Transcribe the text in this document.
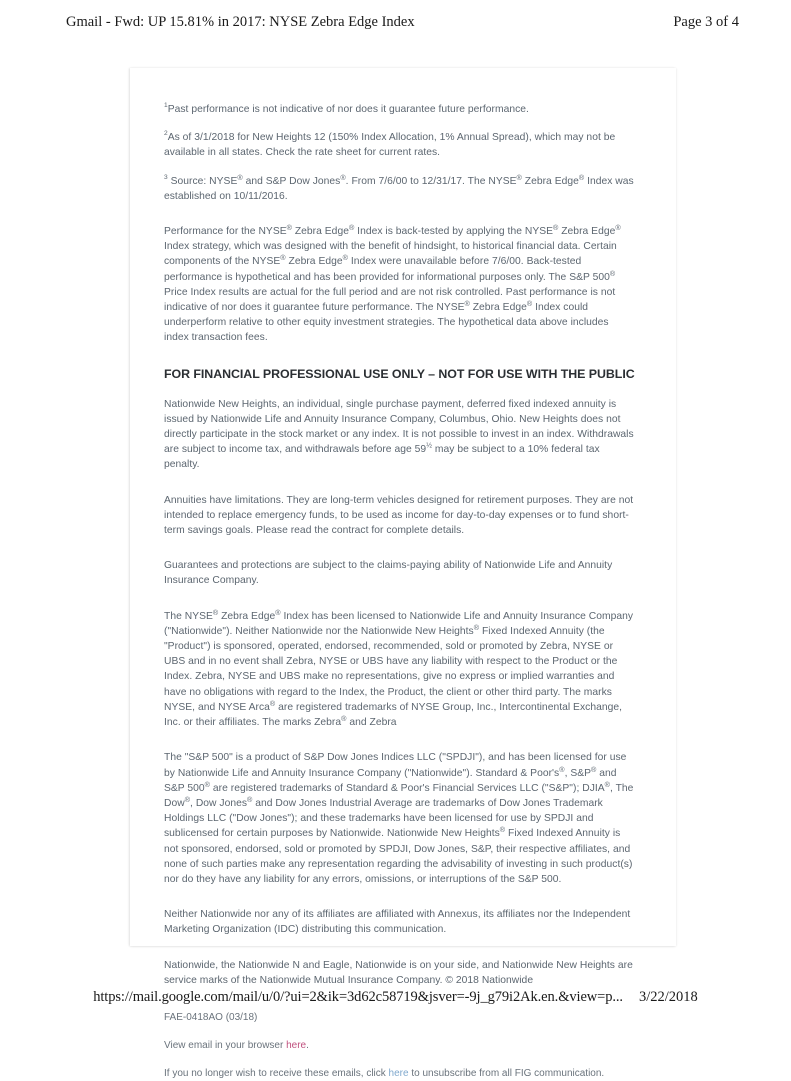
Gmail - Fwd: UP 15.81% in 2017: NYSE Zebra Edge Index	Page 3 of 4

$^1$Past performance is not indicative of nor does it guarantee future performance.

$^2$As of 3/1/2018 for New Heights 12 (150% Index Allocation, 1% Annual Spread), which may not be available in all states. Check the rate sheet for current rates.

$^3$ Source: NYSE® and S&P Dow Jones®. From 7/6/00 to 12/31/17. The NYSE® Zebra Edge® Index was established on 10/11/2016.

Performance for the NYSE® Zebra Edge® Index is back-tested by applying the NYSE® Zebra Edge® Index strategy, which was designed with the benefit of hindsight, to historical financial data. Certain components of the NYSE® Zebra Edge® Index were unavailable before 7/6/00. Back-tested performance is hypothetical and has been provided for informational purposes only. The S&P 500® Price Index results are actual for the full period and are not risk controlled. Past performance is not indicative of nor does it guarantee future performance. The NYSE® Zebra Edge® Index could underperform relative to other equity investment strategies. The hypothetical data above includes index transaction fees.

FOR FINANCIAL PROFESSIONAL USE ONLY – NOT FOR USE WITH THE PUBLIC

Nationwide New Heights, an individual, single purchase payment, deferred fixed indexed annuity is issued by Nationwide Life and Annuity Insurance Company, Columbus, Ohio. New Heights does not directly participate in the stock market or any index. It is not possible to invest in an index. Withdrawals are subject to income tax, and withdrawals before age $59^{\frac{1}{2}}$ may be subject to a 10% federal tax penalty.

Annuities have limitations. They are long-term vehicles designed for retirement purposes. They are not intended to replace emergency funds, to be used as income for day-to-day expenses or to fund short-term savings goals. Please read the contract for complete details.

Guarantees and protections are subject to the claims-paying ability of Nationwide Life and Annuity Insurance Company.

The NYSE® Zebra Edge® Index has been licensed to Nationwide Life and Annuity Insurance Company ("Nationwide"). Neither Nationwide nor the Nationwide New Heights® Fixed Indexed Annuity (the "Product") is sponsored, operated, endorsed, recommended, sold or promoted by Zebra, NYSE or UBS and in no event shall Zebra, NYSE or UBS have any liability with respect to the Product or the Index. Zebra, NYSE and UBS make no representations, give no express or implied warranties and have no obligations with regard to the Index, the Product, the client or other third party. The marks NYSE, and NYSE Arca® are registered trademarks of NYSE Group, Inc., Intercontinental Exchange, Inc. or their affiliates. The marks Zebra® and Zebra

The "S&P 500" is a product of S&P Dow Jones Indices LLC ("SPDJI"), and has been licensed for use by Nationwide Life and Annuity Insurance Company ("Nationwide"). Standard & Poor's®, S&P® and S&P 500® are registered trademarks of Standard & Poor's Financial Services LLC ("S&P"); DJIA®, The Dow®, Dow Jones® and Dow Jones Industrial Average are trademarks of Dow Jones Trademark Holdings LLC ("Dow Jones"); and these trademarks have been licensed for use by SPDJI and sublicensed for certain purposes by Nationwide. Nationwide New Heights® Fixed Indexed Annuity is not sponsored, endorsed, sold or promoted by SPDJI, Dow Jones, S&P, their respective affiliates, and none of such parties make any representation regarding the advisability of investing in such product(s) nor do they have any liability for any errors, omissions, or interruptions of the S&P 500.

Neither Nationwide nor any of its affiliates are affiliated with Annexus, its affiliates nor the Independent Marketing Organization (IDC) distributing this communication.

Nationwide, the Nationwide N and Eagle, Nationwide is on your side, and Nationwide New Heights are service marks of the Nationwide Mutual Insurance Company. © 2018 Nationwide

FAE-0418AO (03/18)
View email in your browser here.
If you no longer wish to receive these emails, click here to unsubscribe from all FIG communication.
https://mail.google.com/mail/u/0/?ui=2&ik=3d62c58719&jsver=-9j_g79i2Ak.en.&view=p... 3/22/2018
